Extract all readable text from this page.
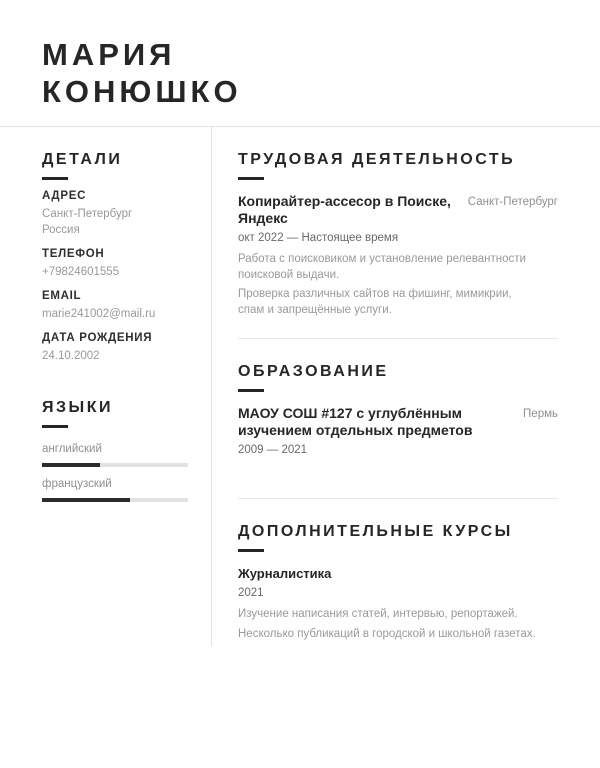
МАРИЯ
КОНЮШКО
ДЕТАЛИ
АДРЕС
Санкт-Петербург
Россия
ТЕЛЕФОН
+79824601555
EMAIL
marie241002@mail.ru
ДАТА РОЖДЕНИЯ
24.10.2002
ЯЗЫКИ
английский
французский
ТРУДОВАЯ ДЕЯТЕЛЬНОСТЬ
Копирайтер-ассесор в Поиске, Яндекс
Санкт-Петербург
окт 2022 — Настоящее время

Работа с поисковиком и установление релевантности поисковой выдачи.

Проверка различных сайтов на фишинг, мимикрии, спам и запрещённые услуги.

ОБРАЗОВАНИЕ
МАОУ СОШ #127 с углублённым изучением отдельных предметов
Пермь
2009 — 2021
ДОПОЛНИТЕЛЬНЫЕ КУРСЫ
Журналистика
2021

Изучение написания статей, интервью, репортажей.

Несколько публикаций в городской и школьной газетах.
